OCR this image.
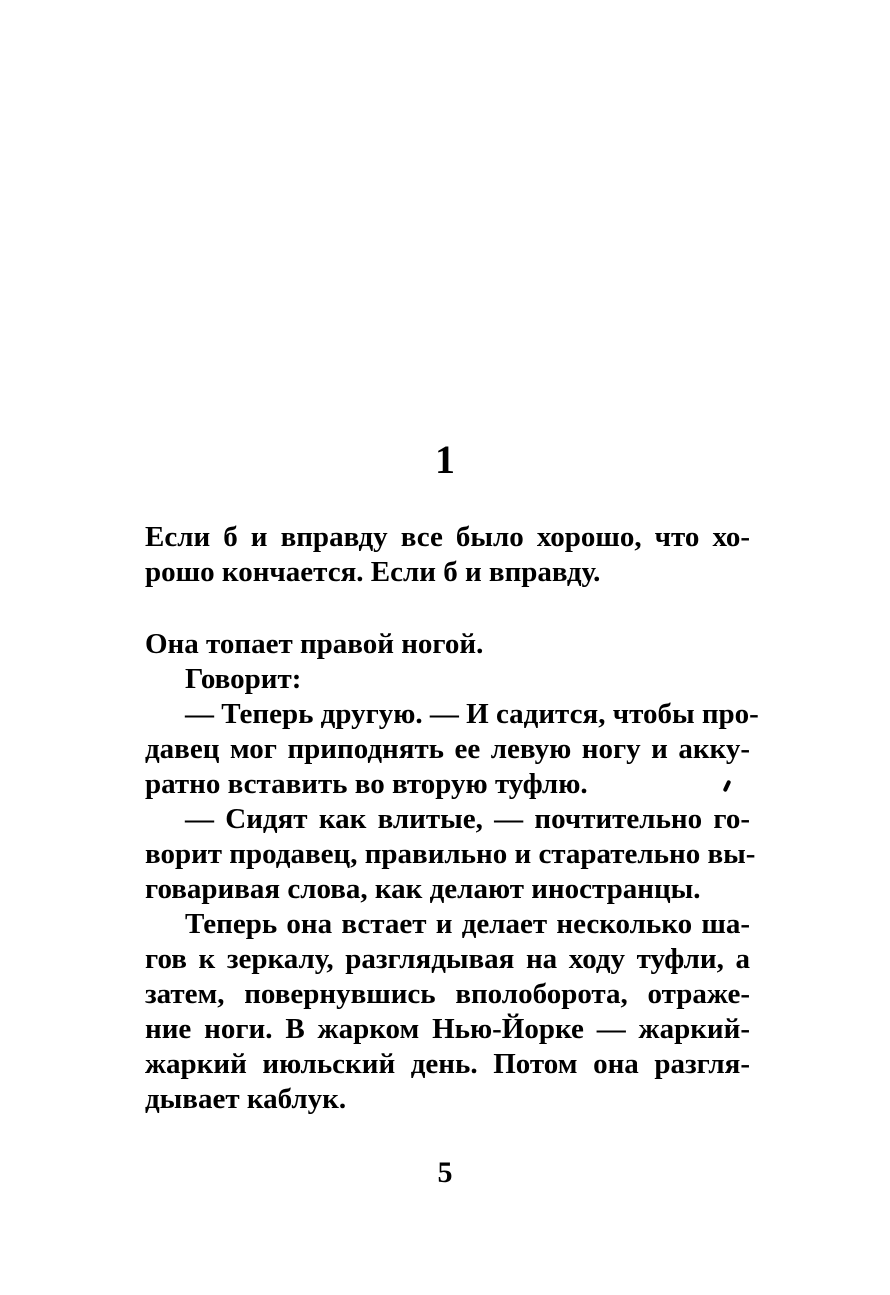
1
Если б и вправду все было хорошо, что хо-
рошо кончается. Если б и вправду.
Она топает правой ногой.
Говорит:
— Теперь другую. — И садится, чтобы про-
давец мог приподнять ее левую ногу и акку-
ратно вставить во вторую туфлю.
— Сидят как влитые, — почтительно го-
ворит продавец, правильно и старательно вы-
говаривая слова, как делают иностранцы.
Теперь она встает и делает несколько ша-
гов к зеркалу, разглядывая на ходу туфли, а
затем, повернувшись вполоборота, отраже-
ние ноги. В жарком Нью-Йорке — жаркий-
жаркий июльский день. Потом она разгля-
дывает каблук.
5
